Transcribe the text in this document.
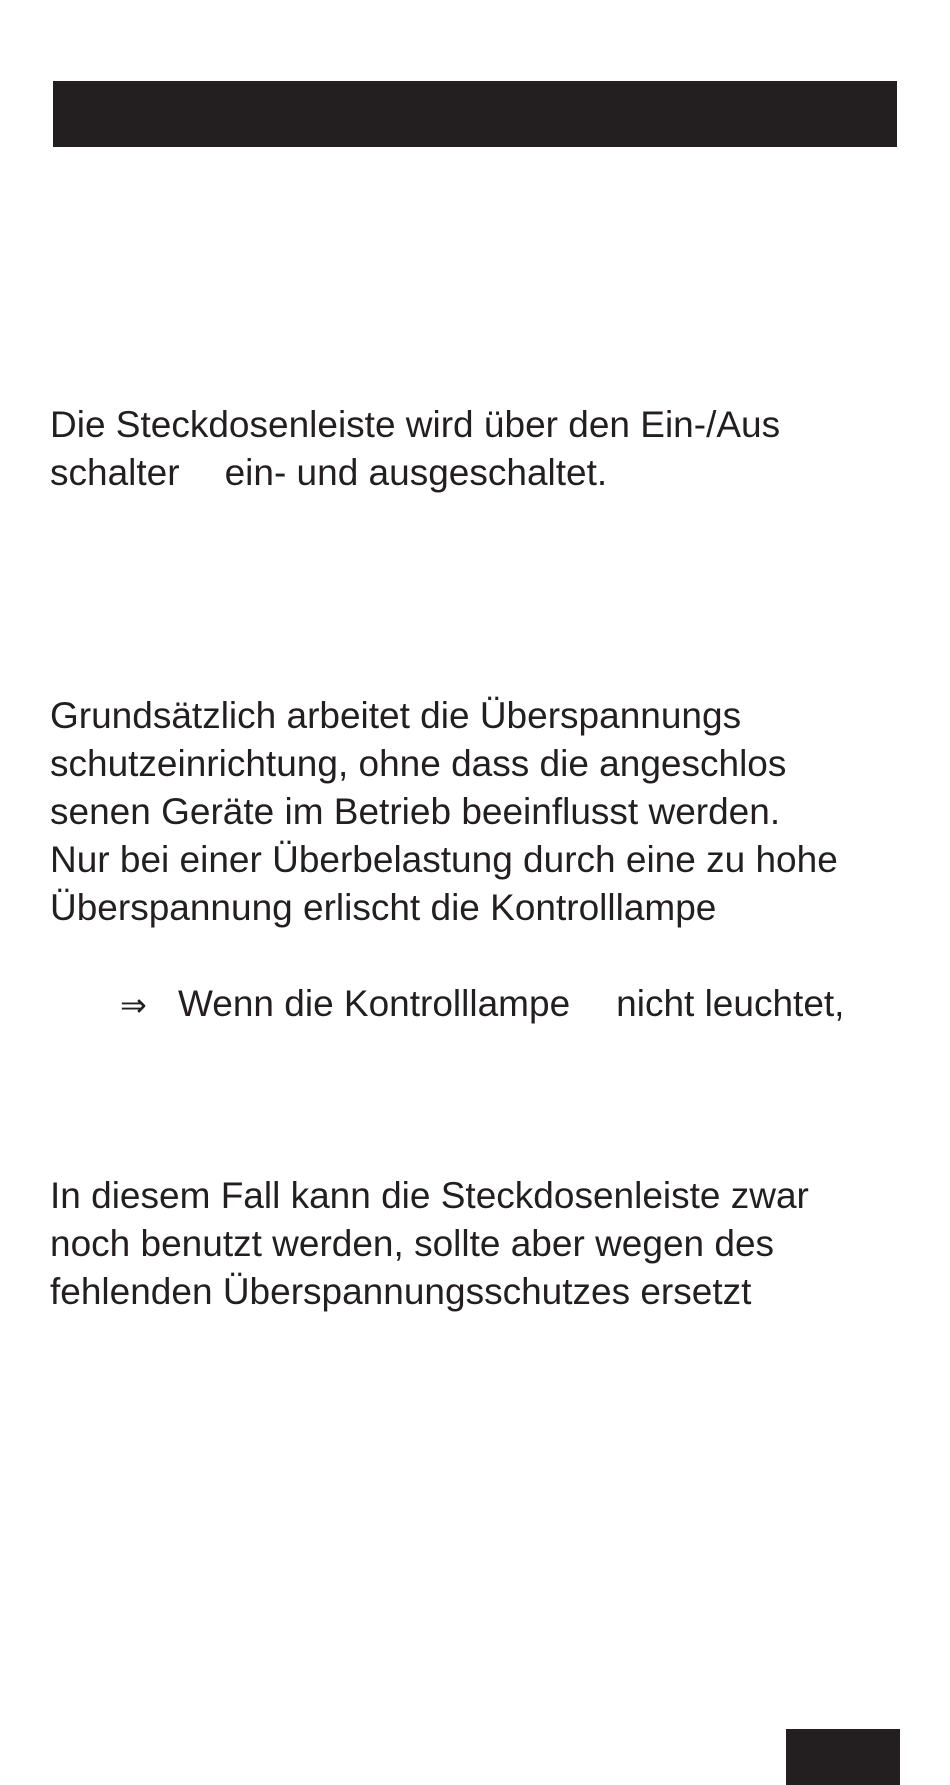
Die Steckdosenleiste wird über den Ein-/Aus
schalter ein- und ausgeschaltet.

Grundsätzlich arbeitet die Überspannungs
schutzeinrichtung, ohne dass die angeschlos
senen Geräte im Betrieb beeinflusst werden.
Nur bei einer Überbelastung durch eine zu hohe
Überspannung erlischt die Kontrolllampe

⇒ Wenn die Kontrolllampe nicht leuchtet,

In diesem Fall kann die Steckdosenleiste zwar
noch benutzt werden, sollte aber wegen des
fehlenden Überspannungsschutzes ersetzt
